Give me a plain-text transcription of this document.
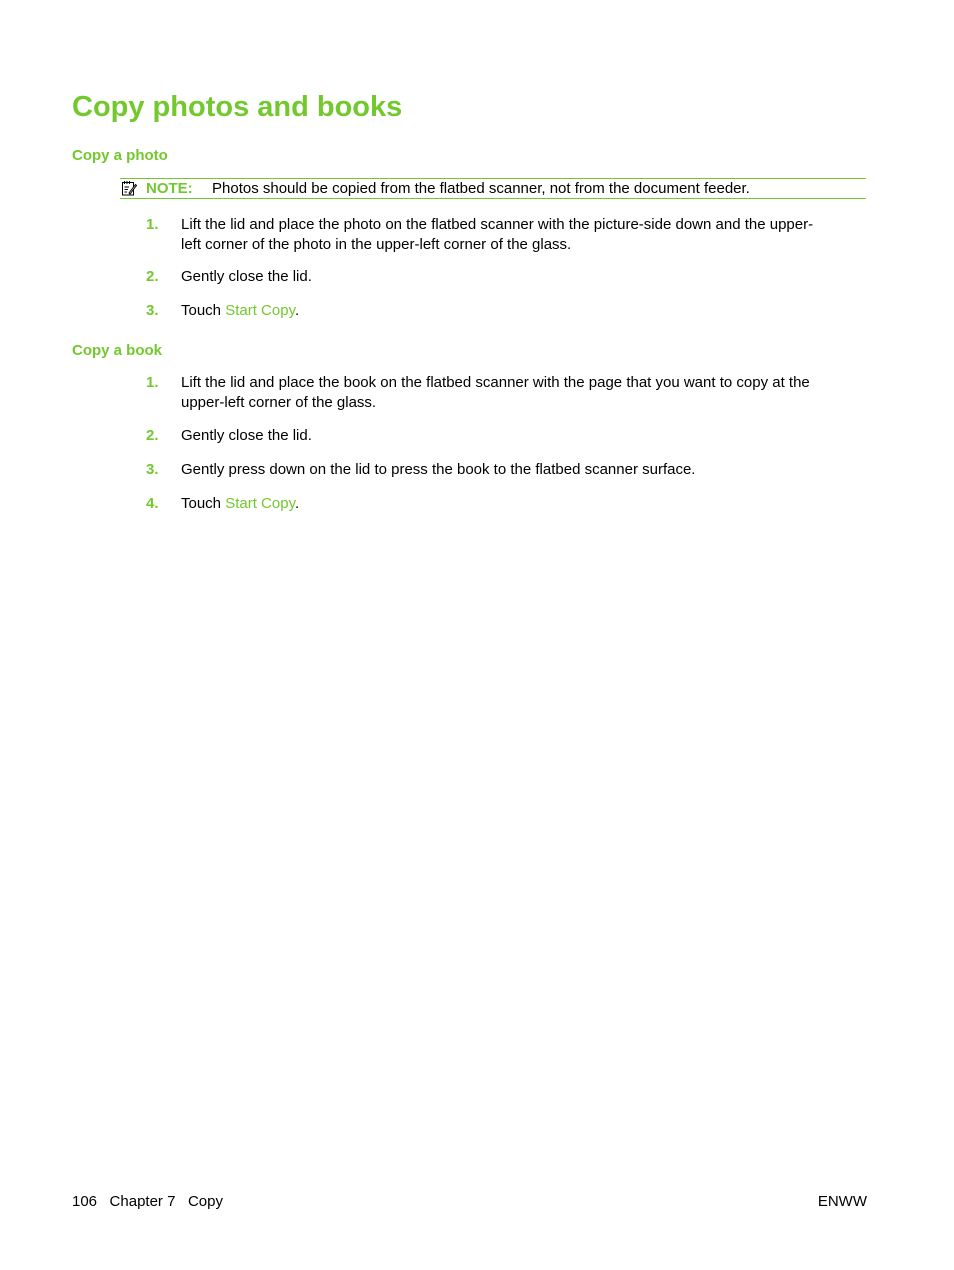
Copy photos and books
Copy a photo
NOTE: Photos should be copied from the flatbed scanner, not from the document feeder.
1. Lift the lid and place the photo on the flatbed scanner with the picture-side down and the upper-
left corner of the photo in the upper-left corner of the glass.
2. Gently close the lid.
3. Touch Start Copy.
Copy a book
1. Lift the lid and place the book on the flatbed scanner with the page that you want to copy at the
upper-left corner of the glass.
2. Gently close the lid.
3. Gently press down on the lid to press the book to the flatbed scanner surface.
4. Touch Start Copy.
106 Chapter 7 Copy	ENWW
